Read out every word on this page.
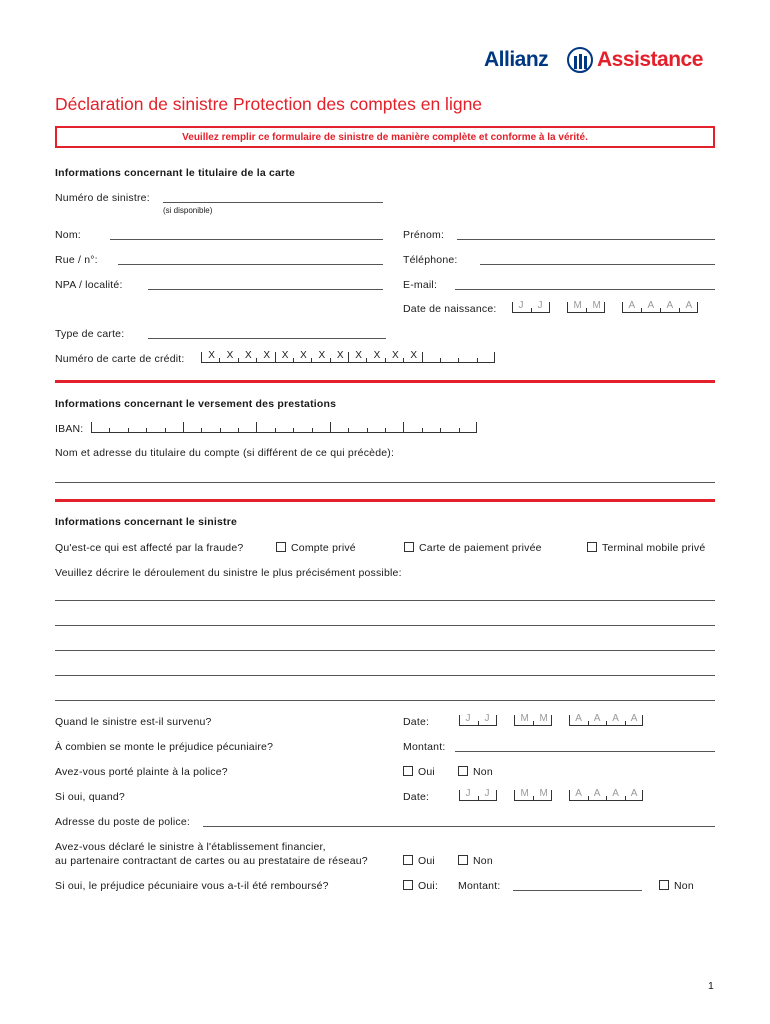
Allianz Assistance
Déclaration de sinistre Protection des comptes en ligne
Veuillez remplir ce formulaire de sinistre de manière complète et conforme à la vérité.
Informations concernant le titulaire de la carte
Numéro de sinistre:
(si disponible)
Nom:	Prénom:
Rue / n°:	Téléphone:
NPA / localité:	E-mail:
Date de naissance: J J	M M	A A A A
Type de carte:
Numéro de carte de crédit: X X X X X X X X X X X X
Informations concernant le versement des prestations
IBAN:
Nom et adresse du titulaire du compte (si différent de ce qui précède):
Informations concernant le sinistre
Qu'est-ce qui est affecté par la fraude?	Compte privé	Carte de paiement privée	Terminal mobile privé
Veuillez décrire le déroulement du sinistre le plus précisément possible:
Quand le sinistre est-il survenu?	Date:	J J	M M	A A A A
À combien se monte le préjudice pécuniaire?	Montant:
Avez-vous porté plainte à la police?	Oui	Non
Si oui, quand?	Date:	J J	M M	A A A A
Adresse du poste de police:
Avez-vous déclaré le sinistre à l'établissement financier,
au partenaire contractant de cartes ou au prestataire de réseau?	Oui	Non
Si oui, le préjudice pécuniaire vous a-t-il été remboursé?	Oui: Montant:	Non
1
